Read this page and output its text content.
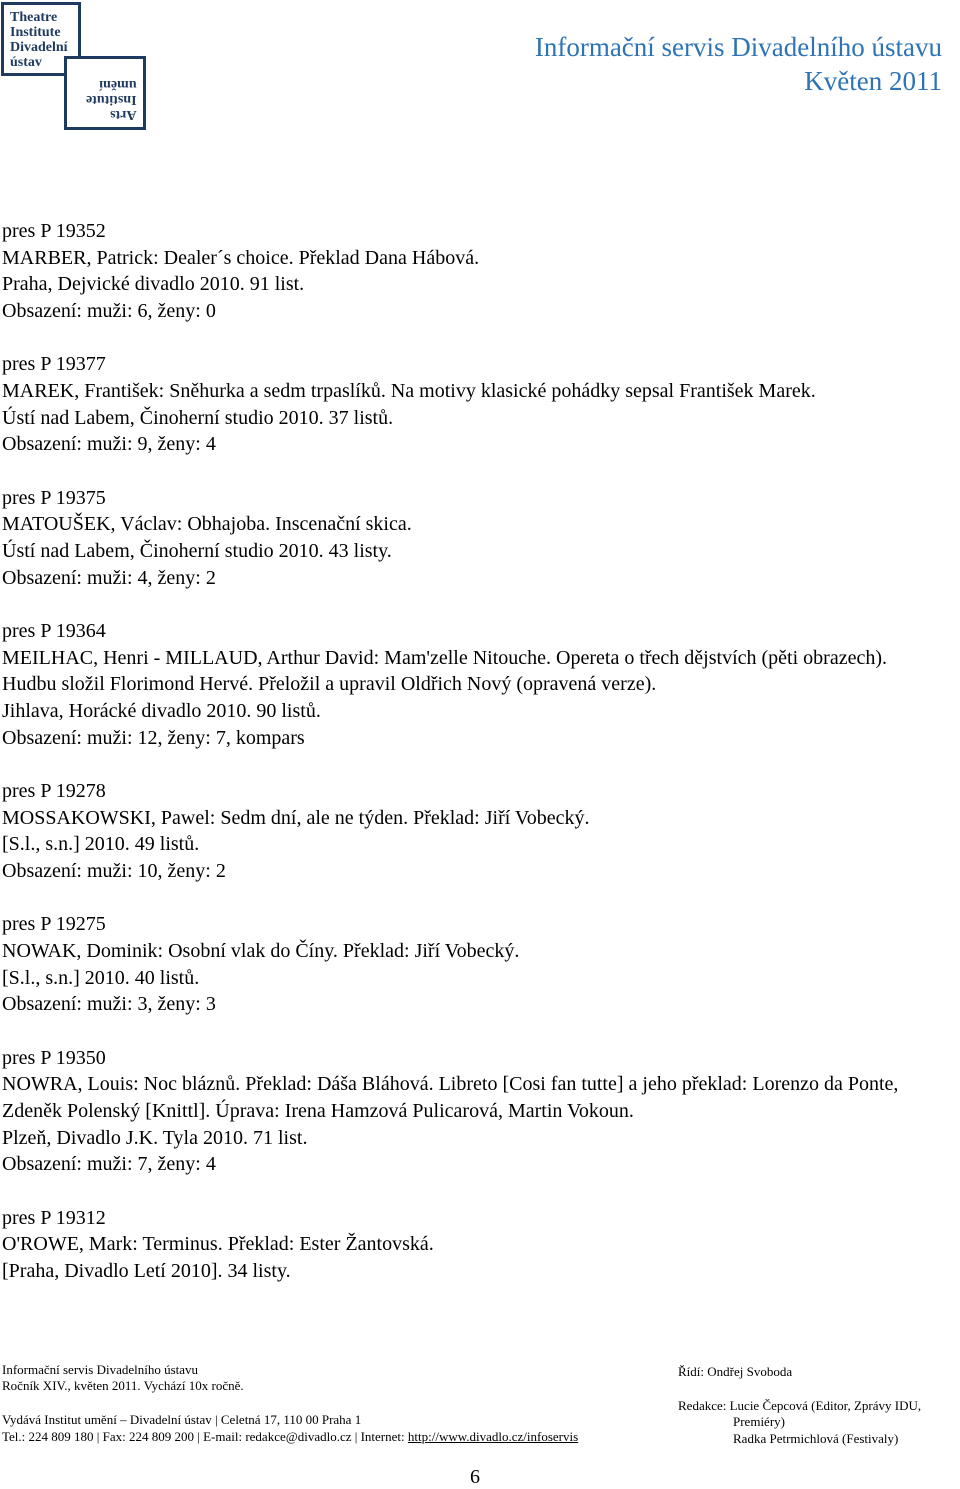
Theatre
Institute
Divadelní
ústav
Arts
Institute
umění
Informační servis Divadelního ústavu
Květen 2011

pres P 19352

MARBER, Patrick: Dealer´s choice. Překlad Dana Hábová.

Praha, Dejvické divadlo 2010. 91 list.

Obsazení: muži: 6, ženy: 0

pres P 19377

MAREK, František: Sněhurka a sedm trpaslíků. Na motivy klasické pohádky sepsal František Marek.

Ústí nad Labem, Činoherní studio 2010. 37 listů.

Obsazení: muži: 9, ženy: 4

pres P 19375

MATOUŠEK, Václav: Obhajoba. Inscenační skica.

Ústí nad Labem, Činoherní studio 2010. 43 listy.

Obsazení: muži: 4, ženy: 2

pres P 19364

MEILHAC, Henri - MILLAUD, Arthur David: Mam'zelle Nitouche. Opereta o třech dějstvích (pěti obrazech). Hudbu složil Florimond Hervé. Přeložil a upravil Oldřich Nový (opravená verze).

Jihlava, Horácké divadlo 2010. 90 listů.

Obsazení: muži: 12, ženy: 7, kompars

pres P 19278

MOSSAKOWSKI, Pawel: Sedm dní, ale ne týden. Překlad: Jiří Vobecký.

[S.l., s.n.] 2010. 49 listů.

Obsazení: muži: 10, ženy: 2

pres P 19275

NOWAK, Dominik: Osobní vlak do Číny. Překlad: Jiří Vobecký.

[S.l., s.n.] 2010. 40 listů.

Obsazení: muži: 3, ženy: 3

pres P 19350

NOWRA, Louis: Noc bláznů. Překlad: Dáša Bláhová. Libreto [Cosi fan tutte] a jeho překlad: Lorenzo da Ponte, Zdeněk Polenský [Knittl]. Úprava: Irena Hamzová Pulicarová, Martin Vokoun.

Plzeň, Divadlo J.K. Tyla 2010. 71 list.

Obsazení: muži: 7, ženy: 4

pres P 19312

O'ROWE, Mark: Terminus. Překlad: Ester Žantovská.

[Praha, Divadlo Letí 2010]. 34 listy.

Informační servis Divadelního ústavu
Ročník XIV., květen 2011. Vychází 10x ročně.
Vydává Institut umění – Divadelní ústav | Celetná 17, 110 00 Praha 1
Tel.: 224 809 180 | Fax: 224 809 200 | E-mail: redakce@divadlo.cz | Internet: http://www.divadlo.cz/infoservis
Řídí: Ondřej Svoboda
Redakce: Lucie Čepcová (Editor, Zprávy IDU,
Premiéry)
Radka Petrmichlová (Festivaly)
6
